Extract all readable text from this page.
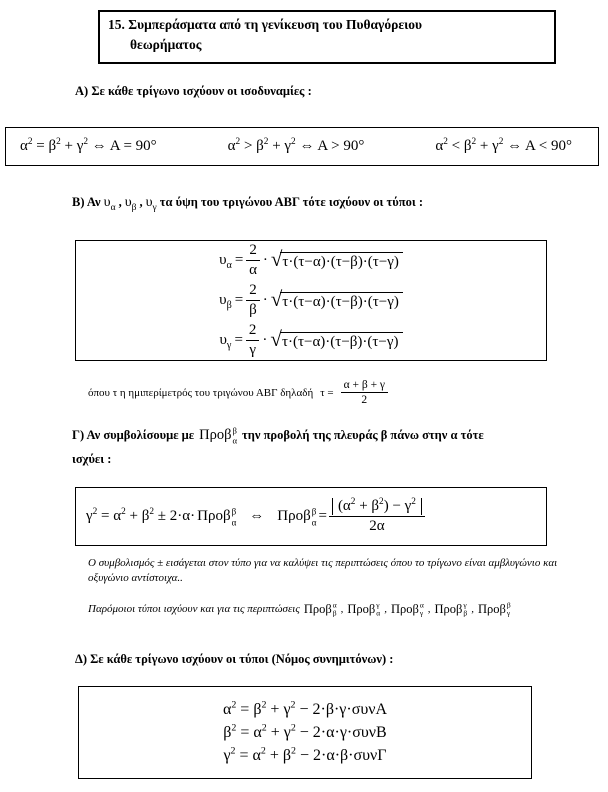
15. Συμπεράσματα από τη γενίκευση του Πυθαγόρειου
θεωρήματος
Α) Σε κάθε τρίγωνο ισχύουν οι ισοδυναμίες :
$\alpha^2 = \beta^2 + \gamma^2$ ⇔ Α = 90°	$\alpha^2 > \beta^2 + \gamma^2$ ⇔ Α > 90°	$\alpha^2 < \beta^2 + \gamma^2$ ⇔ Α < 90°
Β) Αν $\upsilon_\alpha$ , $\upsilon_\beta$ , $\upsilon_\gamma$ τα ύψη του τριγώνου ΑΒΓ τότε ισχύουν οι τύποι :
$\upsilon_\alpha = \frac{2}{\alpha}$ · √ τ·(τ−α)·(τ−β)·(τ−γ)
$\upsilon_\beta = \frac{2}{\beta}$ · √ τ·(τ−α)·(τ−β)·(τ−γ)
$\upsilon_\gamma = \frac{2}{\gamma}$ · √ τ·(τ−α)·(τ−β)·(τ−γ)
όπου τ η ημιπερίμετρός του τριγώνου ΑΒΓ δηλαδή $\tau = \frac{\alpha + \beta + \gamma}{2}$
Γ) Αν συμβολίσουμε με Προβ β
α την προβολή της πλευράς β πάνω στην α τότε
ισχύει :
$\gamma^2 = \alpha^2 + \beta^2 \pm 2\cdot\alpha\cdot \Pi\rho o\beta$ β
α ⇔ Προβ β
$\alpha = \frac{(\alpha^2 + \beta^2) - \gamma^2}{2\alpha}$
Ο συμβολισμός ± εισάγεται στον τύπο για να καλύψει τις περιπτώσεις όπου το τρίγωνο είναι αμβλυγώνιο και οξυγώνιο αντίστοιχα..
Παρόμοιοι τύποι ισχύουν και για τις περιπτώσεις Προβ α
β , Προβ γ
α , Προβ α
γ , Προβ γ
β , Προβ β
γ
Δ) Σε κάθε τρίγωνο ισχύουν οι τύποι (Νόμος συνημιτόνων) :
$\alpha^2 = \beta^2 + \gamma^2 - 2\cdot\beta\cdot\gamma\cdot\sigma\upsilon\nu A$
$\beta^2 = \alpha^2 + \gamma^2 - 2\cdot\alpha\cdot\gamma\cdot\sigma\upsilon\nu B$
$\gamma^2 = \alpha^2 + \beta^2 - 2\cdot\alpha\cdot\beta\cdot\sigma\upsilon\nu\Gamma$
